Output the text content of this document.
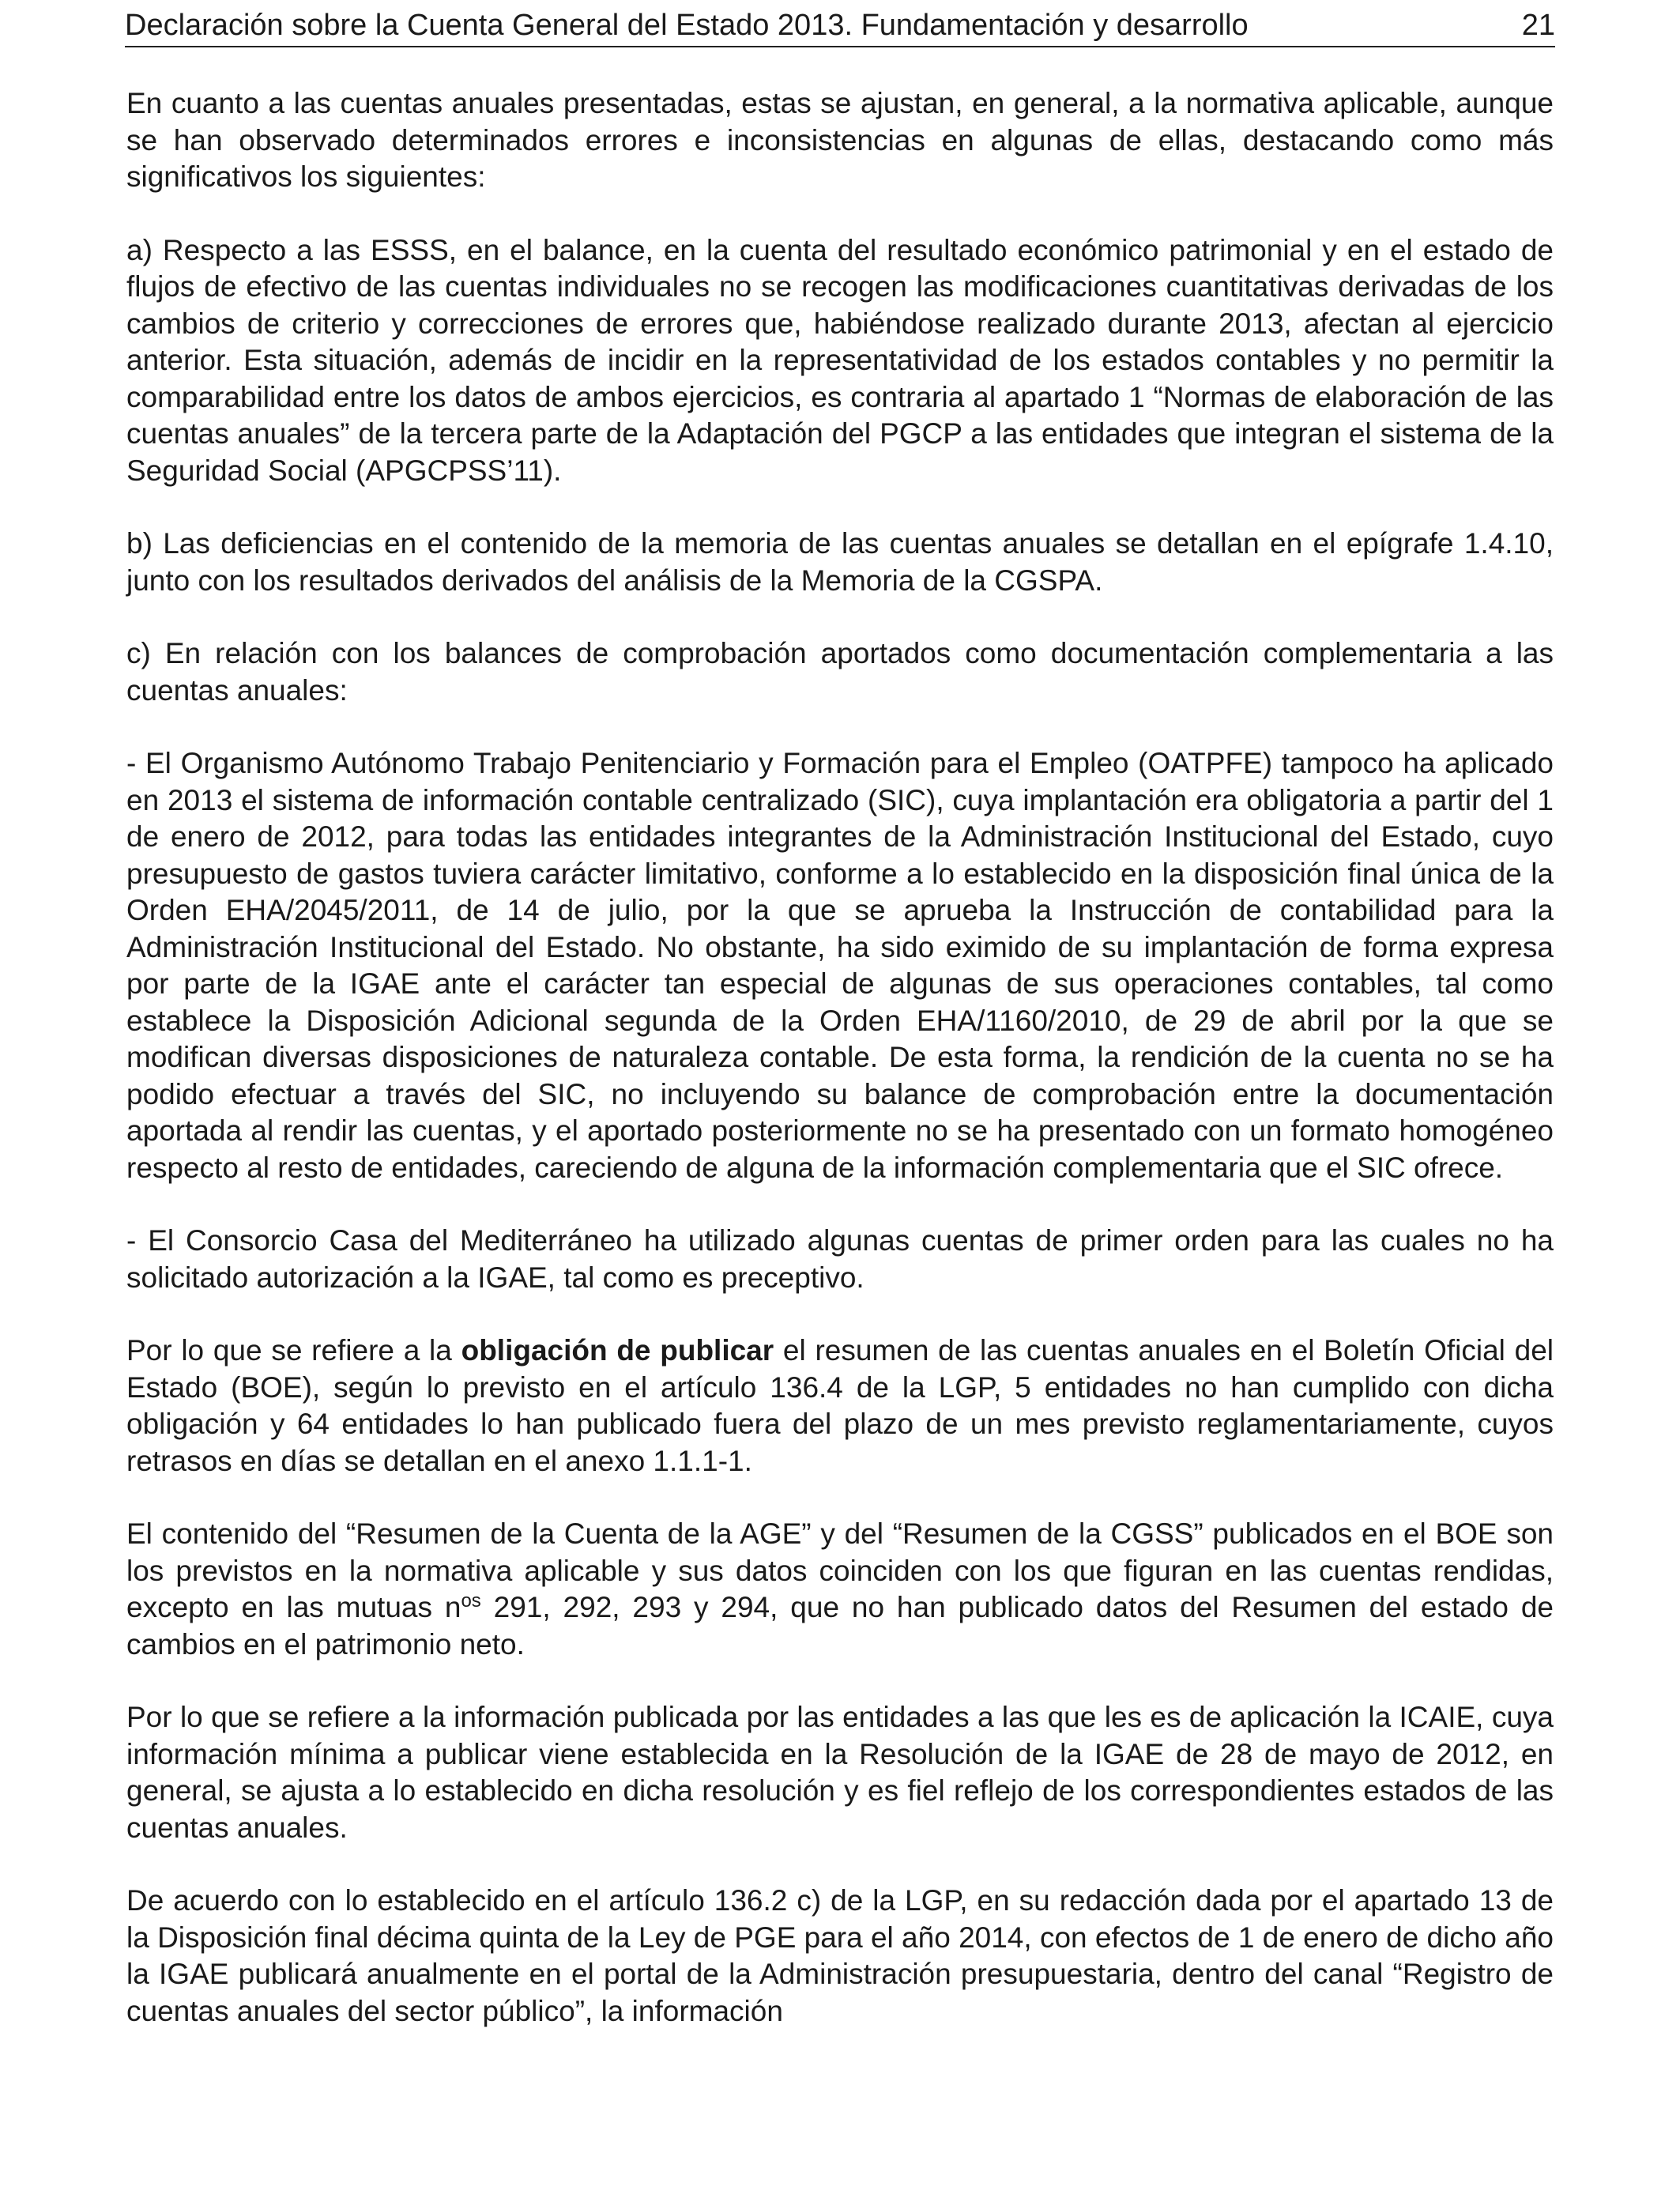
Declaración sobre la Cuenta General del Estado 2013. Fundamentación y desarrollo	21

En cuanto a las cuentas anuales presentadas, estas se ajustan, en general, a la normativa aplicable, aunque se han observado determinados errores e inconsistencias en algunas de ellas, destacando como más significativos los siguientes:

a) Respecto a las ESSS, en el balance, en la cuenta del resultado económico patrimonial y en el estado de flujos de efectivo de las cuentas individuales no se recogen las modificaciones cuantitativas derivadas de los cambios de criterio y correcciones de errores que, habiéndose realizado durante 2013, afectan al ejercicio anterior. Esta situación, además de incidir en la representatividad de los estados contables y no permitir la comparabilidad entre los datos de ambos ejercicios, es contraria al apartado 1 “Normas de elaboración de las cuentas anuales” de la tercera parte de la Adaptación del PGCP a las entidades que integran el sistema de la Seguridad Social (APGCPSS’11).

b) Las deficiencias en el contenido de la memoria de las cuentas anuales se detallan en el epígrafe 1.4.10, junto con los resultados derivados del análisis de la Memoria de la CGSPA.

c) En relación con los balances de comprobación aportados como documentación complementaria a las cuentas anuales:

- El Organismo Autónomo Trabajo Penitenciario y Formación para el Empleo (OATPFE) tampoco ha aplicado en 2013 el sistema de información contable centralizado (SIC), cuya implantación era obligatoria a partir del 1 de enero de 2012, para todas las entidades integrantes de la Administración Institucional del Estado, cuyo presupuesto de gastos tuviera carácter limitativo, conforme a lo establecido en la disposición final única de la Orden EHA/2045/2011, de 14 de julio, por la que se aprueba la Instrucción de contabilidad para la Administración Institucional del Estado. No obstante, ha sido eximido de su implantación de forma expresa por parte de la IGAE ante el carácter tan especial de algunas de sus operaciones contables, tal como establece la Disposición Adicional segunda de la Orden EHA/1160/2010, de 29 de abril por la que se modifican diversas disposiciones de naturaleza contable. De esta forma, la rendición de la cuenta no se ha podido efectuar a través del SIC, no incluyendo su balance de comprobación entre la documentación aportada al rendir las cuentas, y el aportado posteriormente no se ha presentado con un formato homogéneo respecto al resto de entidades, careciendo de alguna de la información complementaria que el SIC ofrece.

- El Consorcio Casa del Mediterráneo ha utilizado algunas cuentas de primer orden para las cuales no ha solicitado autorización a la IGAE, tal como es preceptivo.

Por lo que se refiere a la obligación de publicar el resumen de las cuentas anuales en el Boletín Oficial del Estado (BOE), según lo previsto en el artículo 136.4 de la LGP, 5 entidades no han cumplido con dicha obligación y 64 entidades lo han publicado fuera del plazo de un mes previsto reglamentariamente, cuyos retrasos en días se detallan en el anexo 1.1.1-1.

El contenido del “Resumen de la Cuenta de la AGE” y del “Resumen de la CGSS” publicados en el BOE son los previstos en la normativa aplicable y sus datos coinciden con los que figuran en las cuentas rendidas, excepto en las mutuas $n^{os}$ 291, 292, 293 y 294, que no han publicado datos del Resumen del estado de cambios en el patrimonio neto.

Por lo que se refiere a la información publicada por las entidades a las que les es de aplicación la ICAIE, cuya información mínima a publicar viene establecida en la Resolución de la IGAE de 28 de mayo de 2012, en general, se ajusta a lo establecido en dicha resolución y es fiel reflejo de los correspondientes estados de las cuentas anuales.

De acuerdo con lo establecido en el artículo 136.2 c) de la LGP, en su redacción dada por el apartado 13 de la Disposición final décima quinta de la Ley de PGE para el año 2014, con efectos de 1 de enero de dicho año la IGAE publicará anualmente en el portal de la Administración presupuestaria, dentro del canal “Registro de cuentas anuales del sector público”, la información
